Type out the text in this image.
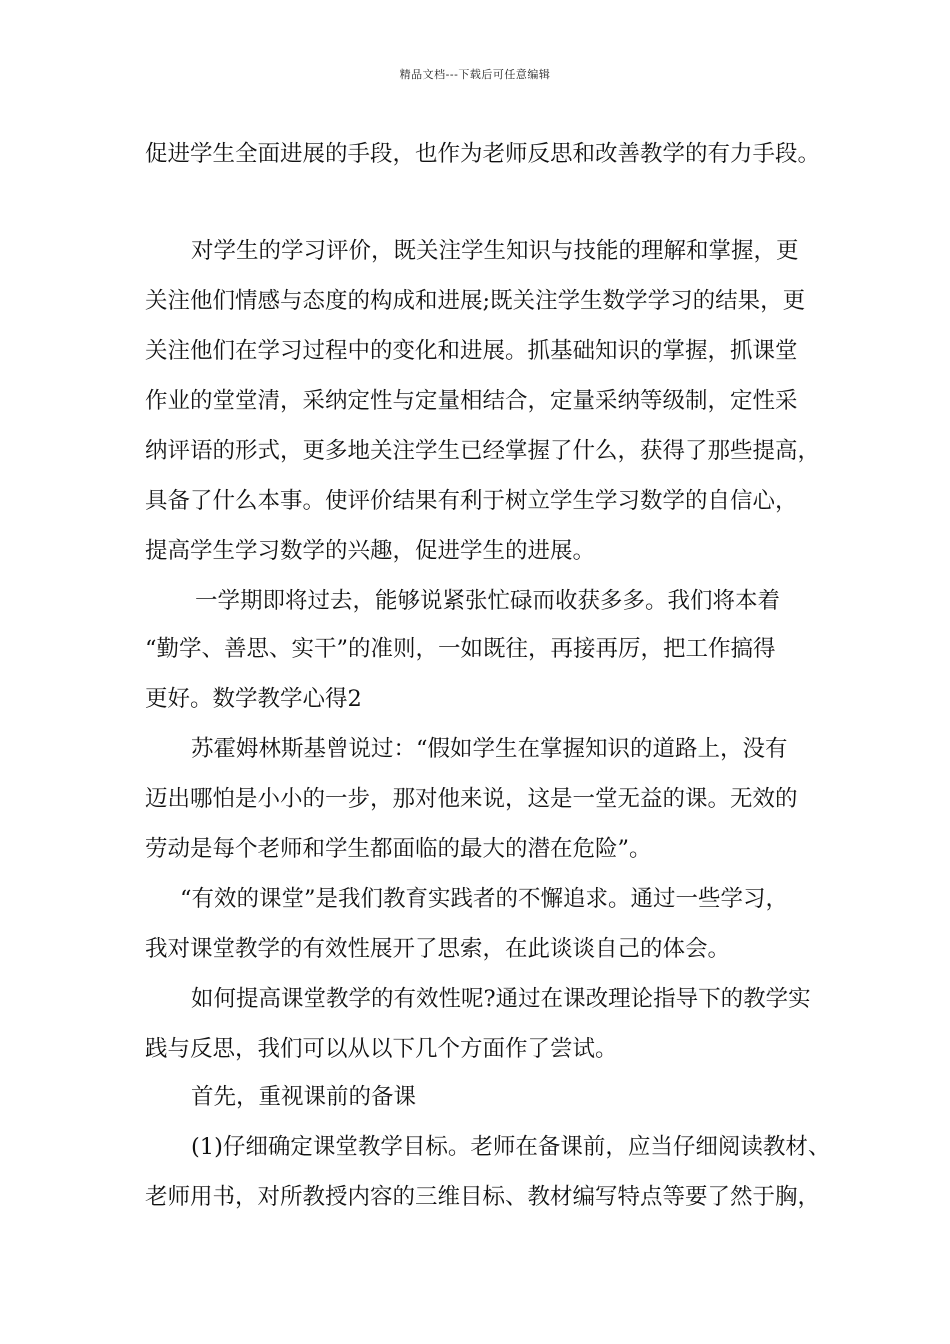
精品文档---下载后可任意编辑
促进学生全面进展的手段，也作为老师反思和改善教学的有力手段。
对学生的学习评价，既关注学生知识与技能的理解和掌握，更
关注他们情感与态度的构成和进展;既关注学生数学学习的结果，更
关注他们在学习过程中的变化和进展。抓基础知识的掌握，抓课堂
作业的堂堂清，采纳定性与定量相结合，定量采纳等级制，定性采
纳评语的形式，更多地关注学生已经掌握了什么，获得了那些提高，
具备了什么本事。使评价结果有利于树立学生学习数学的自信心，
提高学生学习数学的兴趣，促进学生的进展。
一学期即将过去，能够说紧张忙碌而收获多多。我们将本着
“勤学、善思、实干”的准则，一如既往，再接再厉，把工作搞得
更好。数学教学心得2
苏霍姆林斯基曾说过：“假如学生在掌握知识的道路上，没有
迈出哪怕是小小的一步，那对他来说，这是一堂无益的课。无效的
劳动是每个老师和学生都面临的最大的潜在危险”。
“有效的课堂”是我们教育实践者的不懈追求。通过一些学习，
我对课堂教学的有效性展开了思索，在此谈谈自己的体会。
如何提高课堂教学的有效性呢?通过在课改理论指导下的教学实
践与反思，我们可以从以下几个方面作了尝试。
首先，重视课前的备课
(1)仔细确定课堂教学目标。老师在备课前，应当仔细阅读教材、
老师用书，对所教授内容的三维目标、教材编写特点等要了然于胸，
